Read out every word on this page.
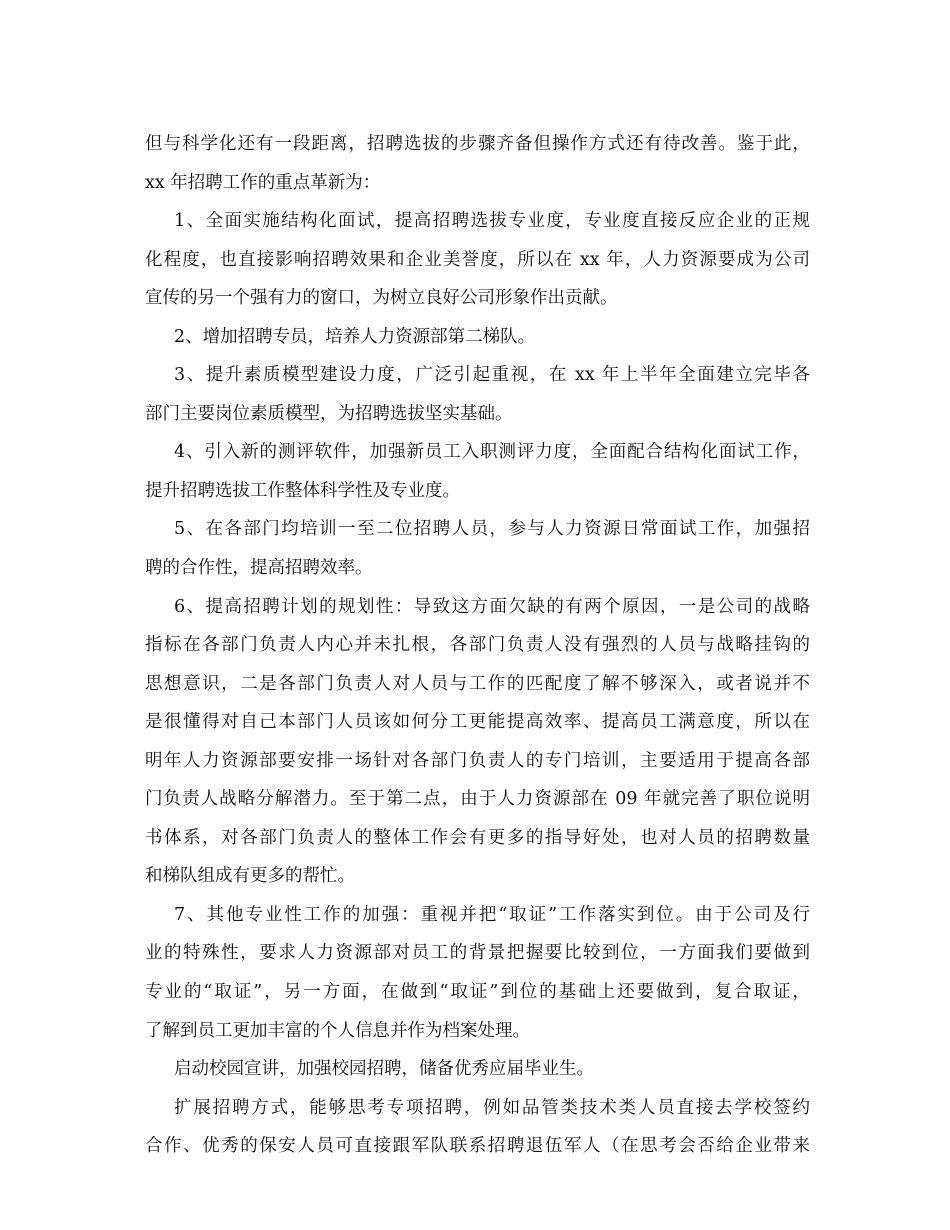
但与科学化还有一段距离，招聘选拔的步骤齐备但操作方式还有待改善。鉴于此，
xx 年招聘工作的重点革新为：
1、全面实施结构化面试，提高招聘选拔专业度，专业度直接反应企业的正规
化程度，也直接影响招聘效果和企业美誉度，所以在 xx 年，人力资源要成为公司
宣传的另一个强有力的窗口，为树立良好公司形象作出贡献。
2、增加招聘专员，培养人力资源部第二梯队。
3、提升素质模型建设力度，广泛引起重视，在 xx 年上半年全面建立完毕各
部门主要岗位素质模型，为招聘选拔坚实基础。
4、引入新的测评软件，加强新员工入职测评力度，全面配合结构化面试工作，
提升招聘选拔工作整体科学性及专业度。
5、在各部门均培训一至二位招聘人员，参与人力资源日常面试工作，加强招
聘的合作性，提高招聘效率。
6、提高招聘计划的规划性：导致这方面欠缺的有两个原因，一是公司的战略
指标在各部门负责人内心并未扎根，各部门负责人没有强烈的人员与战略挂钩的
思想意识，二是各部门负责人对人员与工作的匹配度了解不够深入，或者说并不
是很懂得对自己本部门人员该如何分工更能提高效率、提高员工满意度，所以在
明年人力资源部要安排一场针对各部门负责人的专门培训，主要适用于提高各部
门负责人战略分解潜力。至于第二点，由于人力资源部在 09 年就完善了职位说明
书体系，对各部门负责人的整体工作会有更多的指导好处，也对人员的招聘数量
和梯队组成有更多的帮忙。
7、其他专业性工作的加强：重视并把“取证”工作落实到位。由于公司及行
业的特殊性，要求人力资源部对员工的背景把握要比较到位，一方面我们要做到
专业的“取证”，另一方面，在做到“取证”到位的基础上还要做到，复合取证，
了解到员工更加丰富的个人信息并作为档案处理。
启动校园宣讲，加强校园招聘，储备优秀应届毕业生。
扩展招聘方式，能够思考专项招聘，例如品管类技术类人员直接去学校签约
合作、优秀的保安人员可直接跟军队联系招聘退伍军人（在思考会否给企业带来
